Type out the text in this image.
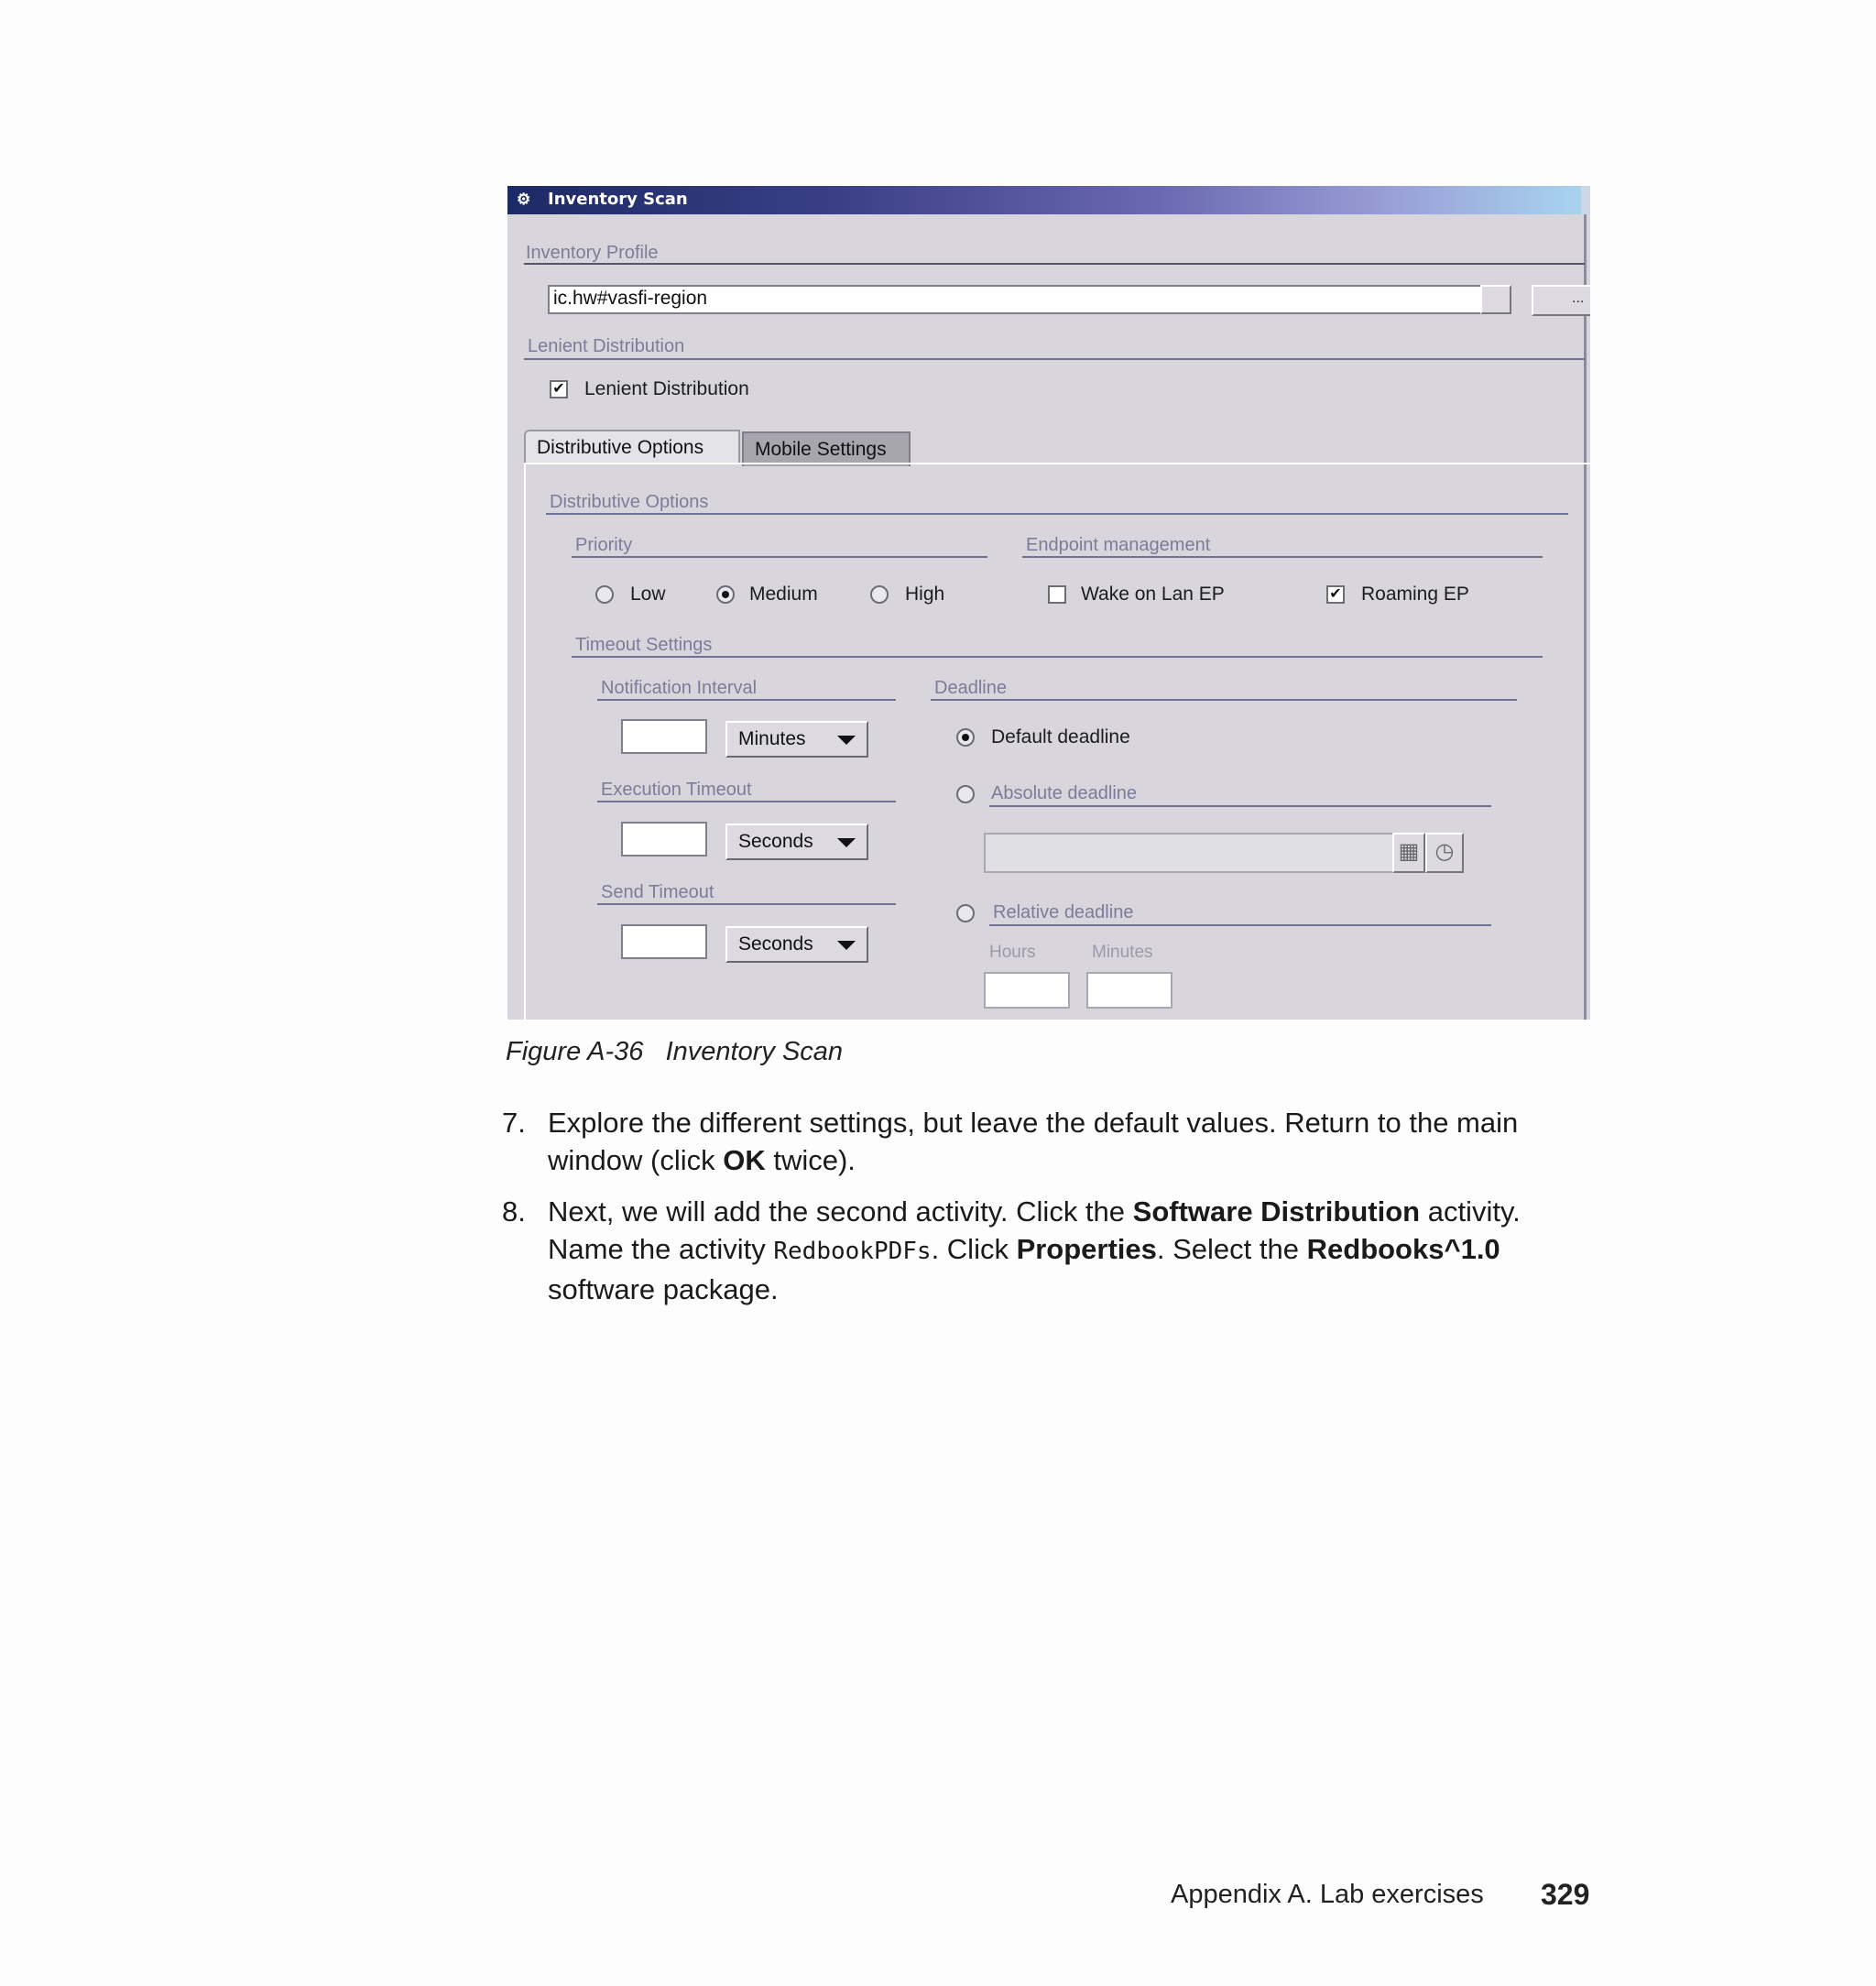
⚙ Inventory Scan
Inventory Profile
ic.hw#vasfi-region	...
Lenient Distribution
✔ Lenient Distribution
Distributive Options	Mobile Settings
Distributive Options
Priority
Low	Medium	High
Endpoint management
Wake on Lan EP	✔ Roaming EP
Timeout Settings
Notification Interval
Minutes
Execution Timeout
Seconds
Send Timeout
Seconds
Deadline
Default deadline
Absolute deadline
▦ ◷
Relative deadline
Hours	Minutes
Figure A-36 Inventory Scan
7. Explore the different settings, but leave the default values. Return to the main window (click OK twice).
8. Next, we will add the second activity. Click the Software Distribution activity. Name the activity RedbookPDFs. Click Properties. Select the Redbooks^1.0 software package.
Appendix A. Lab exercises 329
